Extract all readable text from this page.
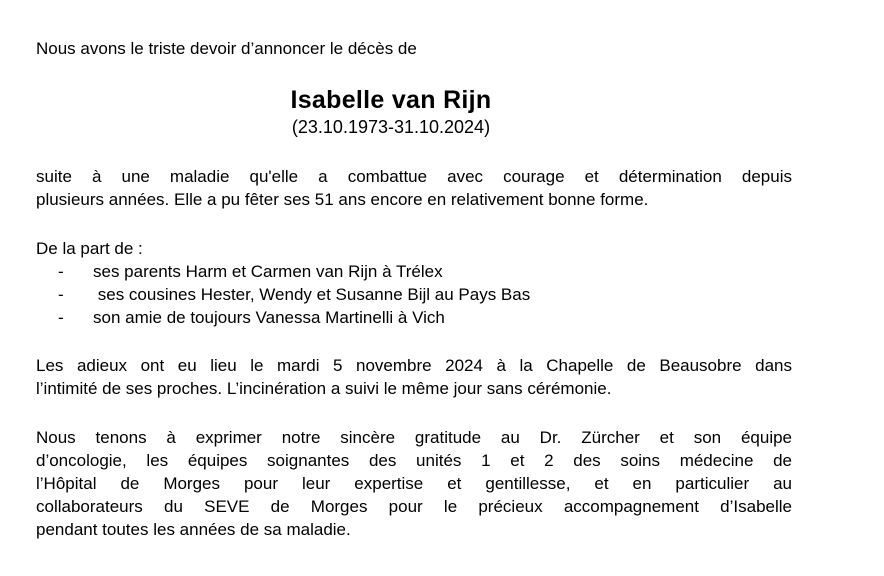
Nous avons le triste devoir d’annoncer le décès de
Isabelle van Rijn
(23.10.1973-31.10.2024)
suite à une maladie qu'elle a combattue avec courage et détermination depuis
plusieurs années. Elle a pu fêter ses 51 ans encore en relativement bonne forme.
De la part de :
-	ses parents Harm et Carmen van Rijn à Trélex
-	ses cousines Hester, Wendy et Susanne Bijl au Pays Bas
-	son amie de toujours Vanessa Martinelli à Vich
Les adieux ont eu lieu le mardi 5 novembre 2024 à la Chapelle de Beausobre dans
l’intimité de ses proches. L’incinération a suivi le même jour sans cérémonie.
Nous tenons à exprimer notre sincère gratitude au Dr. Zürcher et son équipe
d’oncologie, les équipes soignantes des unités 1 et 2 des soins médecine de
l’Hôpital de Morges pour leur expertise et gentillesse, et en particulier au
collaborateurs du SEVE de Morges pour le précieux accompagnement d’Isabelle
pendant toutes les années de sa maladie.
